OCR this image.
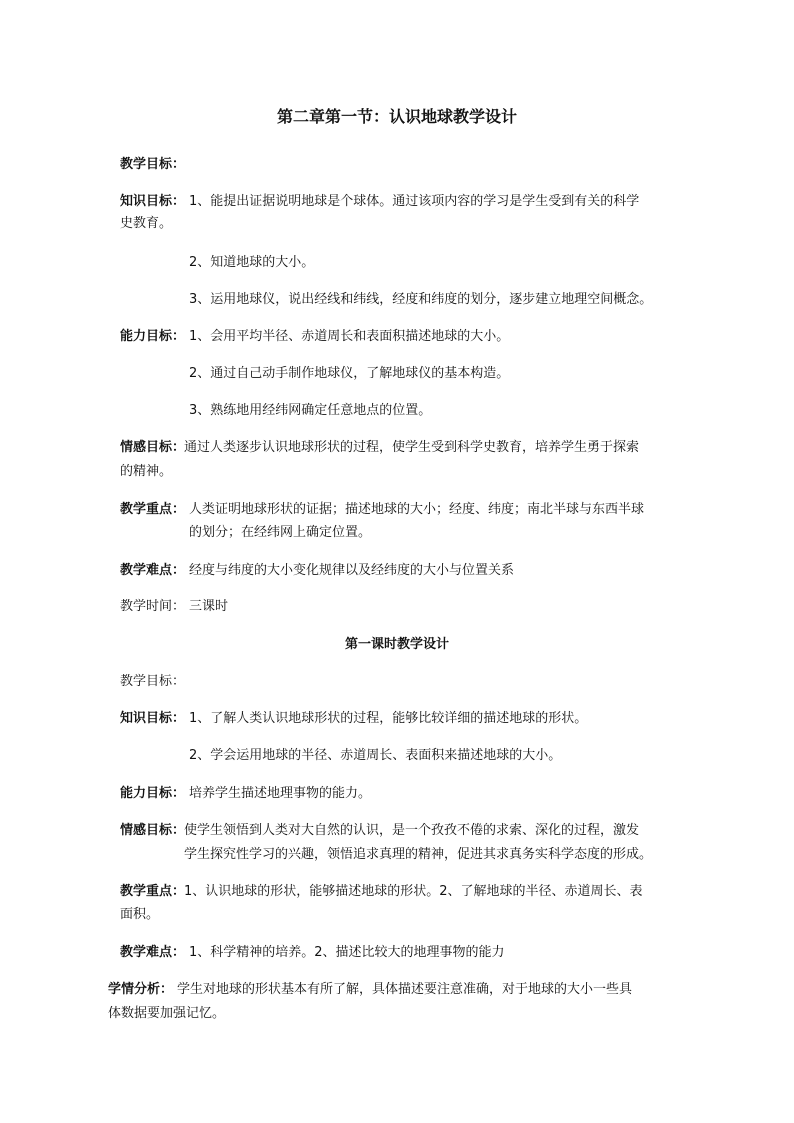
第二章第一节：认识地球教学设计
教学目标：
知识目标： 1、能提出证据说明地球是个球体。通过该项内容的学习是学生受到有关的科学
史教育。
2、知道地球的大小。
3、运用地球仪，说出经线和纬线，经度和纬度的划分，逐步建立地理空间概念。
能力目标： 1、会用平均半径、赤道周长和表面积描述地球的大小。
2、通过自己动手制作地球仪，了解地球仪的基本构造。
3、熟练地用经纬网确定任意地点的位置。
情感目标：
通过人类逐步认识地球形状的过程，使学生受到科学史教育，培养学生勇于探索
的精神。
教学重点： 人类证明地球形状的证据；描述地球的大小；经度、纬度；南北半球与东西半球
的划分；在经纬网上确定位置。
教学难点： 经度与纬度的大小变化规律以及经纬度的大小与位置关系
教学时间： 三课时
第一课时教学设计
教学目标：
知识目标： 1、了解人类认识地球形状的过程，能够比较详细的描述地球的形状。
2、学会运用地球的半径、赤道周长、表面积来描述地球的大小。
能力目标： 培养学生描述地理事物的能力。
情感目标：
使学生领悟到人类对大自然的认识，是一个孜孜不倦的求索、深化的过程，激发
学生探究性学习的兴趣，领悟追求真理的精神，促进其求真务实科学态度的形成。
教学重点：
1、认识地球的形状，能够描述地球的形状。2、了解地球的半径、赤道周长、表
面积。
教学难点： 1、科学精神的培养。2、描述比较大的地理事物的能力
学情分析： 学生对地球的形状基本有所了解，具体描述要注意准确，对于地球的大小一些具
体数据要加强记忆。
